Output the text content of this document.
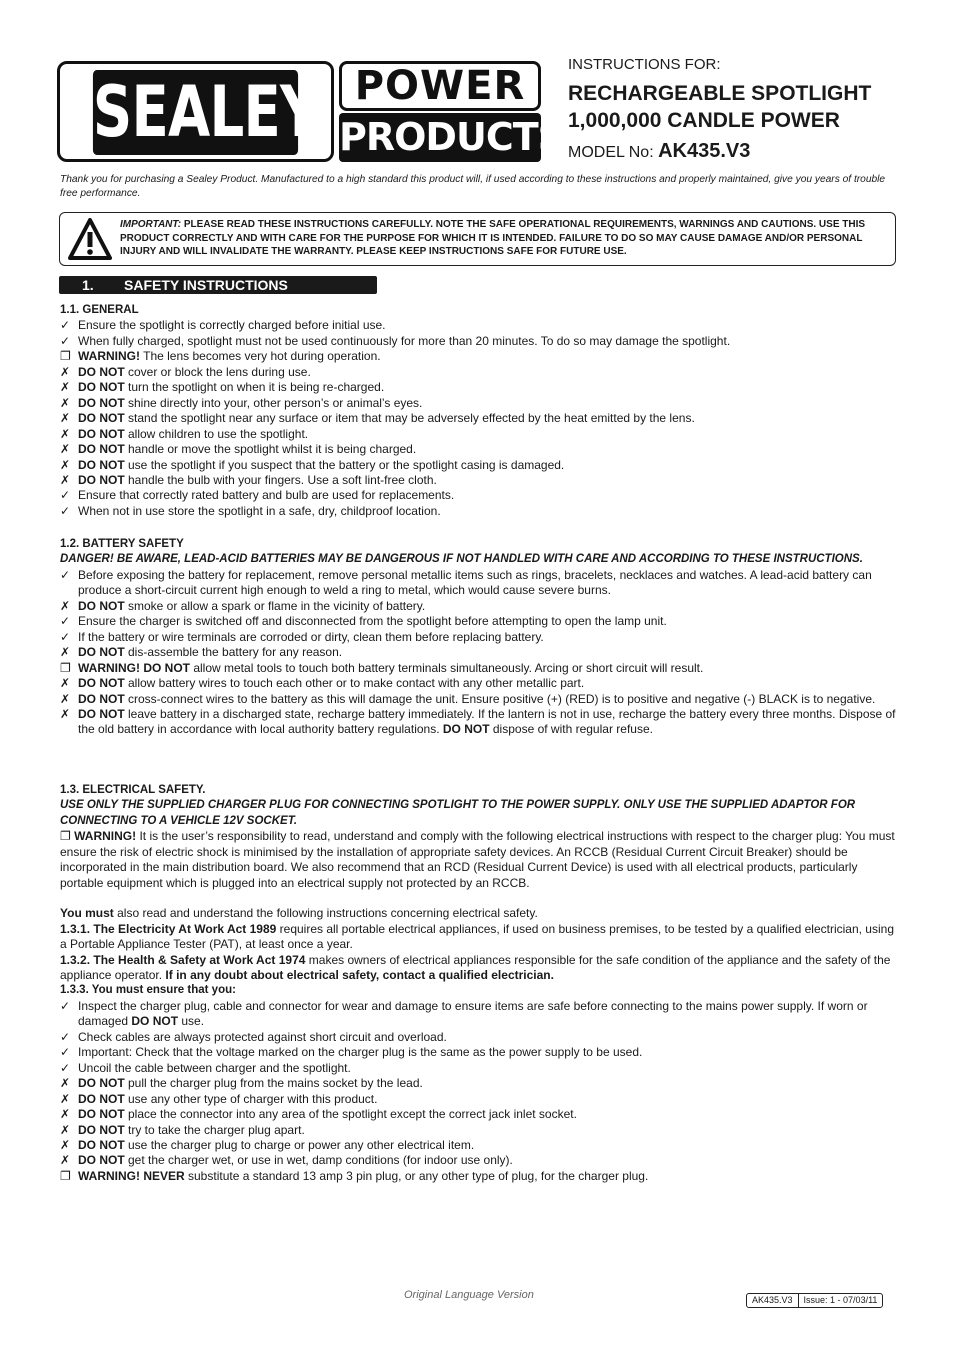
SEALEY POWER
PRODUCTS
INSTRUCTIONS FOR:
RECHARGEABLE SPOTLIGHT
1,000,000 CANDLE POWER
MODEL No: AK435.V3
Thank you for purchasing a Sealey Product. Manufactured to a high standard this product will, if used according to these instructions and properly maintained, give you years of trouble free performance.
IMPORTANT: PLEASE READ THESE INSTRUCTIONS CAREFULLY. NOTE THE SAFE OPERATIONAL REQUIREMENTS, WARNINGS AND CAUTIONS. USE THIS PRODUCT CORRECTLY AND WITH CARE FOR THE PURPOSE FOR WHICH IT IS INTENDED. FAILURE TO DO SO MAY CAUSE DAMAGE AND/OR PERSONAL INJURY AND WILL INVALIDATE THE WARRANTY. PLEASE KEEP INSTRUCTIONS SAFE FOR FUTURE USE.
1. SAFETY INSTRUCTIONS
1.1. GENERAL
✓ Ensure the spotlight is correctly charged before initial use.
✓ When fully charged, spotlight must not be used continuously for more than 20 minutes. To do so may damage the spotlight.
❐ WARNING! The lens becomes very hot during operation.
✗ DO NOT cover or block the lens during use.
✗ DO NOT turn the spotlight on when it is being re-charged.
✗ DO NOT shine directly into your, other person’s or animal’s eyes.
✗ DO NOT stand the spotlight near any surface or item that may be adversely effected by the heat emitted by the lens.
✗ DO NOT allow children to use the spotlight.
✗ DO NOT handle or move the spotlight whilst it is being charged.
✗ DO NOT use the spotlight if you suspect that the battery or the spotlight casing is damaged.
✗ DO NOT handle the bulb with your fingers. Use a soft lint-free cloth.
✓ Ensure that correctly rated battery and bulb are used for replacements.
✓ When not in use store the spotlight in a safe, dry, childproof location.
1.2. BATTERY SAFETY
DANGER! BE AWARE, LEAD-ACID BATTERIES MAY BE DANGEROUS IF NOT HANDLED WITH CARE AND ACCORDING TO THESE INSTRUCTIONS.
✓ Before exposing the battery for replacement, remove personal metallic items such as rings, bracelets, necklaces and watches. A lead-acid battery can produce a short-circuit current high enough to weld a ring to metal, which would cause severe burns.
✗ DO NOT smoke or allow a spark or flame in the vicinity of battery.
✓ Ensure the charger is switched off and disconnected from the spotlight before attempting to open the lamp unit.
✓ If the battery or wire terminals are corroded or dirty, clean them before replacing battery.
✗ DO NOT dis-assemble the battery for any reason.
❐ WARNING! DO NOT allow metal tools to touch both battery terminals simultaneously. Arcing or short circuit will result.
✗ DO NOT allow battery wires to touch each other or to make contact with any other metallic part.
✗ DO NOT cross-connect wires to the battery as this will damage the unit. Ensure positive (+) (RED) is to positive and negative (-) BLACK is to negative.
✗ DO NOT leave battery in a discharged state, recharge battery immediately. If the lantern is not in use, recharge the battery every three months. Dispose of the old battery in accordance with local authority battery regulations. DO NOT dispose of with regular refuse.
1.3. ELECTRICAL SAFETY.
USE ONLY THE SUPPLIED CHARGER PLUG FOR CONNECTING SPOTLIGHT TO THE POWER SUPPLY. ONLY USE THE SUPPLIED ADAPTOR FOR CONNECTING TO A VEHICLE 12V SOCKET.
❐ WARNING! It is the user’s responsibility to read, understand and comply with the following electrical instructions with respect to the charger plug: You must ensure the risk of electric shock is minimised by the installation of appropriate safety devices. An RCCB (Residual Current Circuit Breaker) should be incorporated in the main distribution board. We also recommend that an RCD (Residual Current Device) is used with all electrical products, particularly portable equipment which is plugged into an electrical supply not protected by an RCCB.
You must also read and understand the following instructions concerning electrical safety.
1.3.1. The Electricity At Work Act 1989 requires all portable electrical appliances, if used on business premises, to be tested by a qualified electrician, using a Portable Appliance Tester (PAT), at least once a year.
1.3.2. The Health & Safety at Work Act 1974 makes owners of electrical appliances responsible for the safe condition of the appliance and the safety of the appliance operator. If in any doubt about electrical safety, contact a qualified electrician.
1.3.3. You must ensure that you:
✓ Inspect the charger plug, cable and connector for wear and damage to ensure items are safe before connecting to the mains power supply. If worn or damaged DO NOT use.
✓ Check cables are always protected against short circuit and overload.
✓ Important: Check that the voltage marked on the charger plug is the same as the power supply to be used.
✓ Uncoil the cable between charger and the spotlight.
✗ DO NOT pull the charger plug from the mains socket by the lead.
✗ DO NOT use any other type of charger with this product.
✗ DO NOT place the connector into any area of the spotlight except the correct jack inlet socket.
✗ DO NOT try to take the charger plug apart.
✗ DO NOT use the charger plug to charge or power any other electrical item.
✗ DO NOT get the charger wet, or use in wet, damp conditions (for indoor use only).
❐ WARNING! NEVER substitute a standard 13 amp 3 pin plug, or any other type of plug, for the charger plug.
Original Language Version	AK435.V3	Issue: 1 - 07/03/11
